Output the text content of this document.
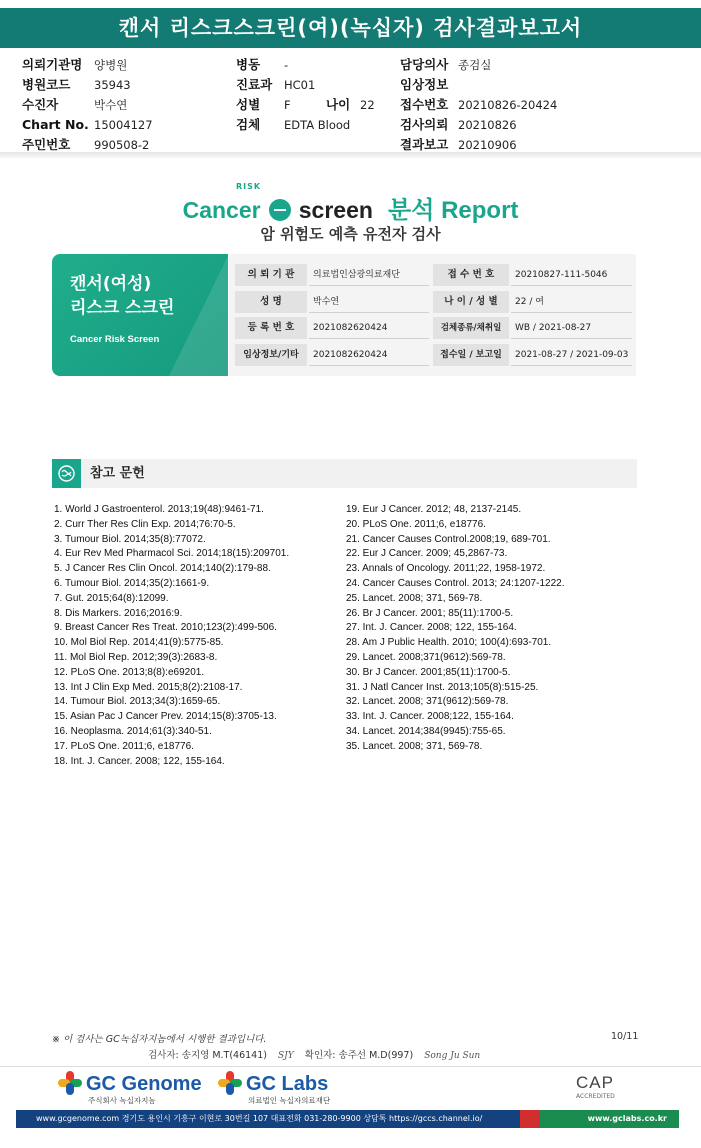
캔서 리스크스크린(여)(녹십자) 검사결과보고서
의뢰기관명 양병원
병원코드 35943
수진자	박수연
Chart No. 15004127
주민번호 990508-2
병동 -
진료과 HC01
성별 F	나이 22
검체 EDTA Blood
담당의사 종검실
임상정보
접수번호 20210826-20424
검사의뢰 20210826
결과보고 20210906
Cancer screen 분석 Report
RISK
암 위험도 예측 유전자 검사
캔서(여성)
리스크 스크린
Cancer Risk Screen
의 뢰 기 관	의료법인삼광의료재단	접 수 번 호	20210827-111-5046
성 명	박수연	나 이 / 성 별	22 / 여
등 록 번 호	2021082620424	검체종류/채취일	WB / 2021-08-27
임상정보/기타	2021082620424	접수일 / 보고일	2021-08-27 / 2021-09-03
참고 문헌
1. World J Gastroenterol. 2013;19(48):9461-71.
2. Curr Ther Res Clin Exp. 2014;76:70-5.
3. Tumour Biol. 2014;35(8):77072.
4. Eur Rev Med Pharmacol Sci. 2014;18(15):209701.
5. J Cancer Res Clin Oncol. 2014;140(2):179-88.
6. Tumour Biol. 2014;35(2):1661-9.
7. Gut. 2015;64(8):12099.
8. Dis Markers. 2016;2016:9.
9. Breast Cancer Res Treat. 2010;123(2):499-506.
10. Mol Biol Rep. 2014;41(9):5775-85.
11. Mol Biol Rep. 2012;39(3):2683-8.
12. PLoS One. 2013;8(8):e69201.
13. Int J Clin Exp Med. 2015;8(2):2108-17.
14. Tumour Biol. 2013;34(3):1659-65.
15. Asian Pac J Cancer Prev. 2014;15(8):3705-13.
16. Neoplasma. 2014;61(3):340-51.
17. PLoS One. 2011;6, e18776.
18. Int. J. Cancer. 2008; 122, 155-164.
19. Eur J Cancer. 2012; 48, 2137-2145.
20. PLoS One. 2011;6, e18776.
21. Cancer Causes Control.2008;19, 689-701.
22. Eur J Cancer. 2009; 45,2867-73.
23. Annals of Oncology. 2011;22, 1958-1972.
24. Cancer Causes Control. 2013; 24:1207-1222.
25. Lancet. 2008; 371, 569-78.
26. Br J Cancer. 2001; 85(11):1700-5.
27. Int. J. Cancer. 2008; 122, 155-164.
28. Am J Public Health. 2010; 100(4):693-701.
29. Lancet. 2008;371(9612):569-78.
30. Br J Cancer. 2001;85(11):1700-5.
31. J Natl Cancer Inst. 2013;105(8):515-25.
32. Lancet. 2008; 371(9612):569-78.
33. Int. J. Cancer. 2008;122, 155-164.
34. Lancet. 2014;384(9945):755-65.
35. Lancet. 2008; 371, 569-78.
※ 이 검사는 GC녹십자지놈에서 시행한 결과입니다.	10/11
검사자: 송지영 M.T(46141) SJY 확인자: 송주선 M.D(997) Song Ju Sun
GC Genome
주식회사 녹십자지놈
GC Labs
의료법인 녹십자의료재단
CAP
ACCREDITED
www.gcgenome.com 경기도 용인시 기흥구 이현로 30번길 107 대표전화 031-280-9900 상담톡 https://gccs.channel.io/	www.gclabs.co.kr
